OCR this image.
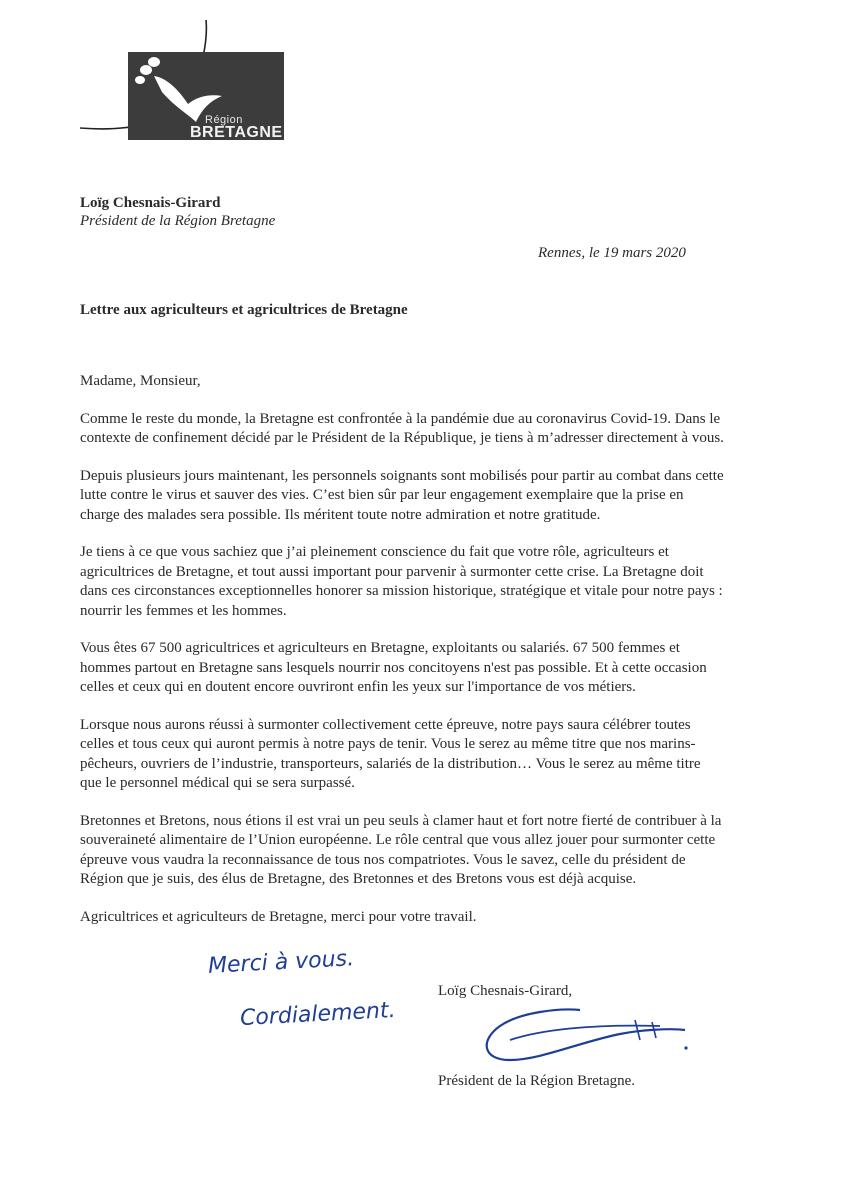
Région
BRETAGNE
Loïg Chesnais-Girard
Président de la Région Bretagne
Rennes, le 19 mars 2020
Lettre aux agriculteurs et agricultrices de Bretagne

Madame, Monsieur,

Comme le reste du monde, la Bretagne est confrontée à la pandémie due au coronavirus Covid-19. Dans le contexte de confinement décidé par le Président de la République, je tiens à m’adresser directement à vous.

Depuis plusieurs jours maintenant, les personnels soignants sont mobilisés pour partir au combat dans cette lutte contre le virus et sauver des vies. C’est bien sûr par leur engagement exemplaire que la prise en charge des malades sera possible. Ils méritent toute notre admiration et notre gratitude.

Je tiens à ce que vous sachiez que j’ai pleinement conscience du fait que votre rôle, agriculteurs et agricultrices de Bretagne, et tout aussi important pour parvenir à surmonter cette crise. La Bretagne doit dans ces circonstances exceptionnelles honorer sa mission historique, stratégique et vitale pour notre pays : nourrir les femmes et les hommes.

Vous êtes 67 500 agricultrices et agriculteurs en Bretagne, exploitants ou salariés. 67 500 femmes et hommes partout en Bretagne sans lesquels nourrir nos concitoyens n'est pas possible. Et à cette occasion celles et ceux qui en doutent encore ouvriront enfin les yeux sur l'importance de vos métiers.

Lorsque nous aurons réussi à surmonter collectivement cette épreuve, notre pays saura célébrer toutes celles et tous ceux qui auront permis à notre pays de tenir. Vous le serez au même titre que nos marins-pêcheurs, ouvriers de l’industrie, transporteurs, salariés de la distribution… Vous le serez au même titre que le personnel médical qui se sera surpassé.

Bretonnes et Bretons, nous étions il est vrai un peu seuls à clamer haut et fort notre fierté de contribuer à la souveraineté alimentaire de l’Union européenne. Le rôle central que vous allez jouer pour surmonter cette épreuve vous vaudra la reconnaissance de tous nos compatriotes. Vous le savez, celle du président de Région que je suis, des élus de Bretagne, des Bretonnes et des Bretons vous est déjà acquise.

Agricultrices et agriculteurs de Bretagne, merci pour votre travail.

Merci à vous.
Cordialement.
Loïg Chesnais-Girard,
Président de la Région Bretagne.
